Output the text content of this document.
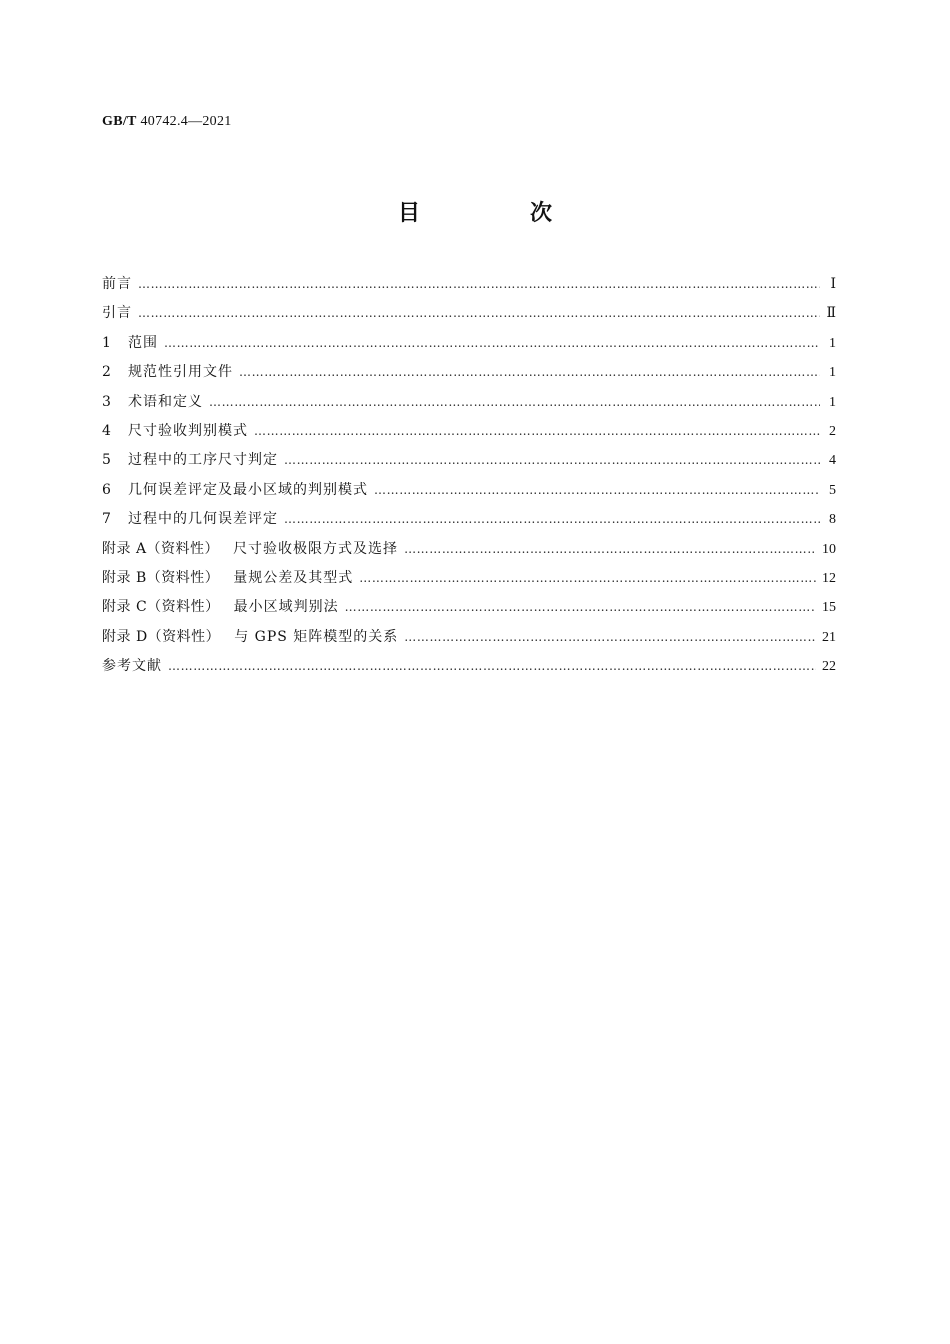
GB/T 40742.4—2021
目　次
前言 …………………………………………………………………………………………………………………………………………………………………………………………………………………………………………………	Ⅰ
引言 …………………………………………………………………………………………………………………………………………………………………………………………………………………………………………………	Ⅱ
1	范围 …………………………………………………………………………………………………………………………………………………………………………………………………………………………………………………	1
2	规范性引用文件 …………………………………………………………………………………………………………………………………………………………………………………………………………………………………………………	1
3	术语和定义 …………………………………………………………………………………………………………………………………………………………………………………………………………………………………………………	1
4	尺寸验收判别模式 …………………………………………………………………………………………………………………………………………………………………………………………………………………………………………………	2
5	过程中的工序尺寸判定 …………………………………………………………………………………………………………………………………………………………………………………………………………………………………………………	4
6	几何误差评定及最小区域的判别模式 …………………………………………………………………………………………………………………………………………………………………………………………………………………………………………………	5
7	过程中的几何误差评定 …………………………………………………………………………………………………………………………………………………………………………………………………………………………………………………	8
附录 A（资料性） 尺寸验收极限方式及选择 …………………………………………………………………………………………………………………………………………………………………………………………………………………………………………………	10
附录 B（资料性） 量规公差及其型式 …………………………………………………………………………………………………………………………………………………………………………………………………………………………………………………	12
附录 C（资料性） 最小区域判别法 …………………………………………………………………………………………………………………………………………………………………………………………………………………………………………………	15
附录 D（资料性） 与 GPS 矩阵模型的关系 …………………………………………………………………………………………………………………………………………………………………………………………………………………………………………………	21
参考文献 …………………………………………………………………………………………………………………………………………………………………………………………………………………………………………………	22
